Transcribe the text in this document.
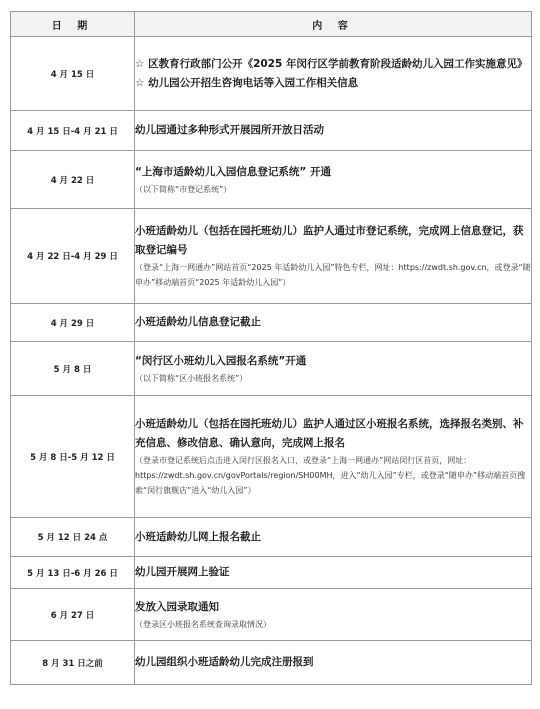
日 期	内 容
4 月 15 日	☆ 区教育行政部门公开《2025 年闵行区学前教育阶段适龄幼儿入园工作实施意见》

☆ 幼儿园公开招生咨询电话等入园工作相关信息

4 月 15 日-4 月 21 日	幼儿园通过多种形式开展园所开放日活动

4 月 22 日	“上海市适龄幼儿入园信息登记系统” 开通

（以下简称“市登记系统”）

4 月 22 日-4 月 29 日	小班适龄幼儿（包括在园托班幼儿）监护人通过市登记系统，完成网上信息登记，获取登记编号

（登录“上海一网通办”网站首页“2025 年适龄幼儿入园”特色专栏，网址：https://zwdt.sh.gov.cn，或登录“随申办”移动端首页“2025 年适龄幼儿入园”）

4 月 29 日	小班适龄幼儿信息登记截止

5 月 8 日	“闵行区小班幼儿入园报名系统”开通

（以下简称“区小班报名系统”）

5 月 8 日-5 月 12 日	小班适龄幼儿（包括在园托班幼儿）监护人通过区小班报名系统，选择报名类别、补充信息、修改信息、确认意向，完成网上报名

（登录市登记系统后点击进入闵行区报名入口，或登录“上海一网通办”网站闵行区首页，网址：https://zwdt.sh.gov.cn/govPortals/region/SH00MH，进入“幼儿入园”专栏，或登录“随申办”移动端首页搜索“闵行旗舰店”进入“幼儿入园”）

5 月 12 日 24 点	小班适龄幼儿网上报名截止

5 月 13 日-6 月 26 日	幼儿园开展网上验证

6 月 27 日	发放入园录取通知

（登录区小班报名系统查询录取情况）

8 月 31 日之前	幼儿园组织小班适龄幼儿完成注册报到
